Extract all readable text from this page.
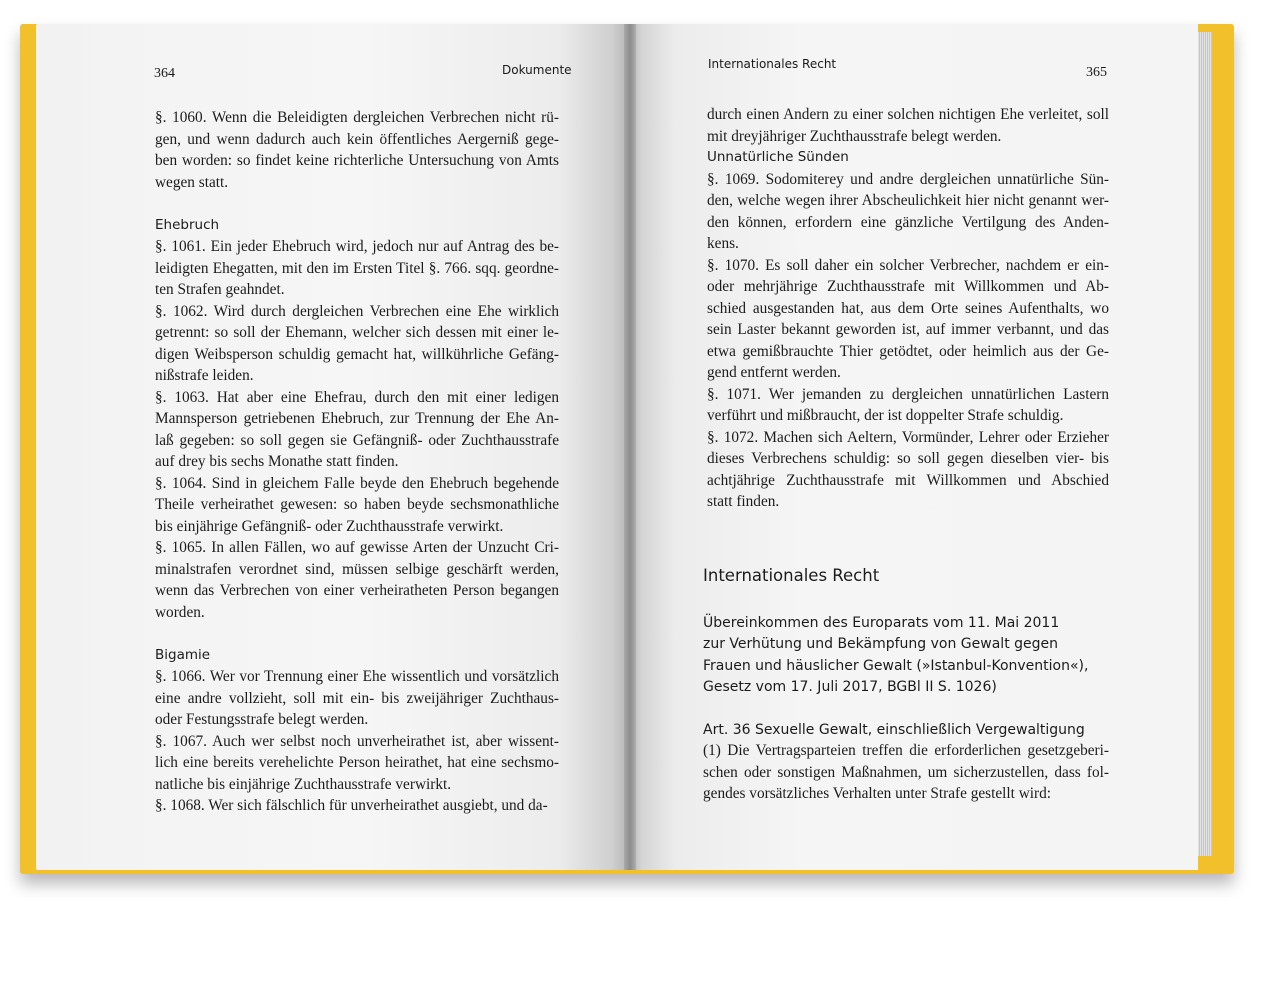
364	Dokumente

§. 1060. Wenn die Beleidigten dergleichen Verbrechen nicht rü-
gen, und wenn dadurch auch kein öffentliches Aergerniß gege-
ben worden: so findet keine richterliche Untersuchung von Amts
wegen statt.
Ehebruch
§. 1061. Ein jeder Ehebruch wird, jedoch nur auf Antrag des be-
leidigten Ehegatten, mit den im Ersten Titel §. 766. sqq. geordne-
ten Strafen geahndet.
§. 1062. Wird durch dergleichen Verbrechen eine Ehe wirklich
getrennt: so soll der Ehemann, welcher sich dessen mit einer le-
digen Weibsperson schuldig gemacht hat, willkührliche Gefäng-
nißstrafe leiden.
§. 1063. Hat aber eine Ehefrau, durch den mit einer ledigen
Mannsperson getriebenen Ehebruch, zur Trennung der Ehe An-
laß gegeben: so soll gegen sie Gefängniß- oder Zuchthausstrafe
auf drey bis sechs Monathe statt finden.
§. 1064. Sind in gleichem Falle beyde den Ehebruch begehende
Theile verheirathet gewesen: so haben beyde sechsmonathliche
bis einjährige Gefängniß- oder Zuchthausstrafe verwirkt.
§. 1065. In allen Fällen, wo auf gewisse Arten der Unzucht Cri-
minalstrafen verordnet sind, müssen selbige geschärft werden,
wenn das Verbrechen von einer verheiratheten Person begangen
worden.
Bigamie
§. 1066. Wer vor Trennung einer Ehe wissentlich und vorsätzlich
eine andre vollzieht, soll mit ein- bis zweijähriger Zuchthaus-
oder Festungsstrafe belegt werden.
§. 1067. Auch wer selbst noch unverheirathet ist, aber wissent-
lich eine bereits verehelichte Person heirathet, hat eine sechsmo-
natliche bis einjährige Zuchthausstrafe verwirkt.
§. 1068. Wer sich fälschlich für unverheirathet ausgiebt, und da-

Internationales Recht

365

durch einen Andern zu einer solchen nichtigen Ehe verleitet, soll
mit dreyjähriger Zuchthausstrafe belegt werden.
Unnatürliche Sünden
§. 1069. Sodomiterey und andre dergleichen unnatürliche Sün-
den, welche wegen ihrer Abscheulichkeit hier nicht genannt wer-
den können, erfordern eine gänzliche Vertilgung des Anden-
kens.
§. 1070. Es soll daher ein solcher Verbrecher, nachdem er ein-
oder mehrjährige Zuchthausstrafe mit Willkommen und Ab-
schied ausgestanden hat, aus dem Orte seines Aufenthalts, wo
sein Laster bekannt geworden ist, auf immer verbannt, und das
etwa gemißbrauchte Thier getödtet, oder heimlich aus der Ge-
gend entfernt werden.
§. 1071. Wer jemanden zu dergleichen unnatürlichen Lastern
verführt und mißbraucht, der ist doppelter Strafe schuldig.
§. 1072. Machen sich Aeltern, Vormünder, Lehrer oder Erzieher
dieses Verbrechens schuldig: so soll gegen dieselben vier- bis
achtjährige Zuchthausstrafe mit Willkommen und Abschied
statt finden.

Internationales Recht

Übereinkommen des Europarats vom 11. Mai 2011
zur Verhütung und Bekämpfung von Gewalt gegen
Frauen und häuslicher Gewalt (»Istanbul-Konvention«),
Gesetz vom 17. Juli 2017, BGBl II S. 1026)
Art. 36 Sexuelle Gewalt, einschließlich Vergewaltigung
(1) Die Vertragsparteien treffen die erforderlichen gesetzgeberi-
schen oder sonstigen Maßnahmen, um sicherzustellen, dass fol-
gendes vorsätzliches Verhalten unter Strafe gestellt wird:
